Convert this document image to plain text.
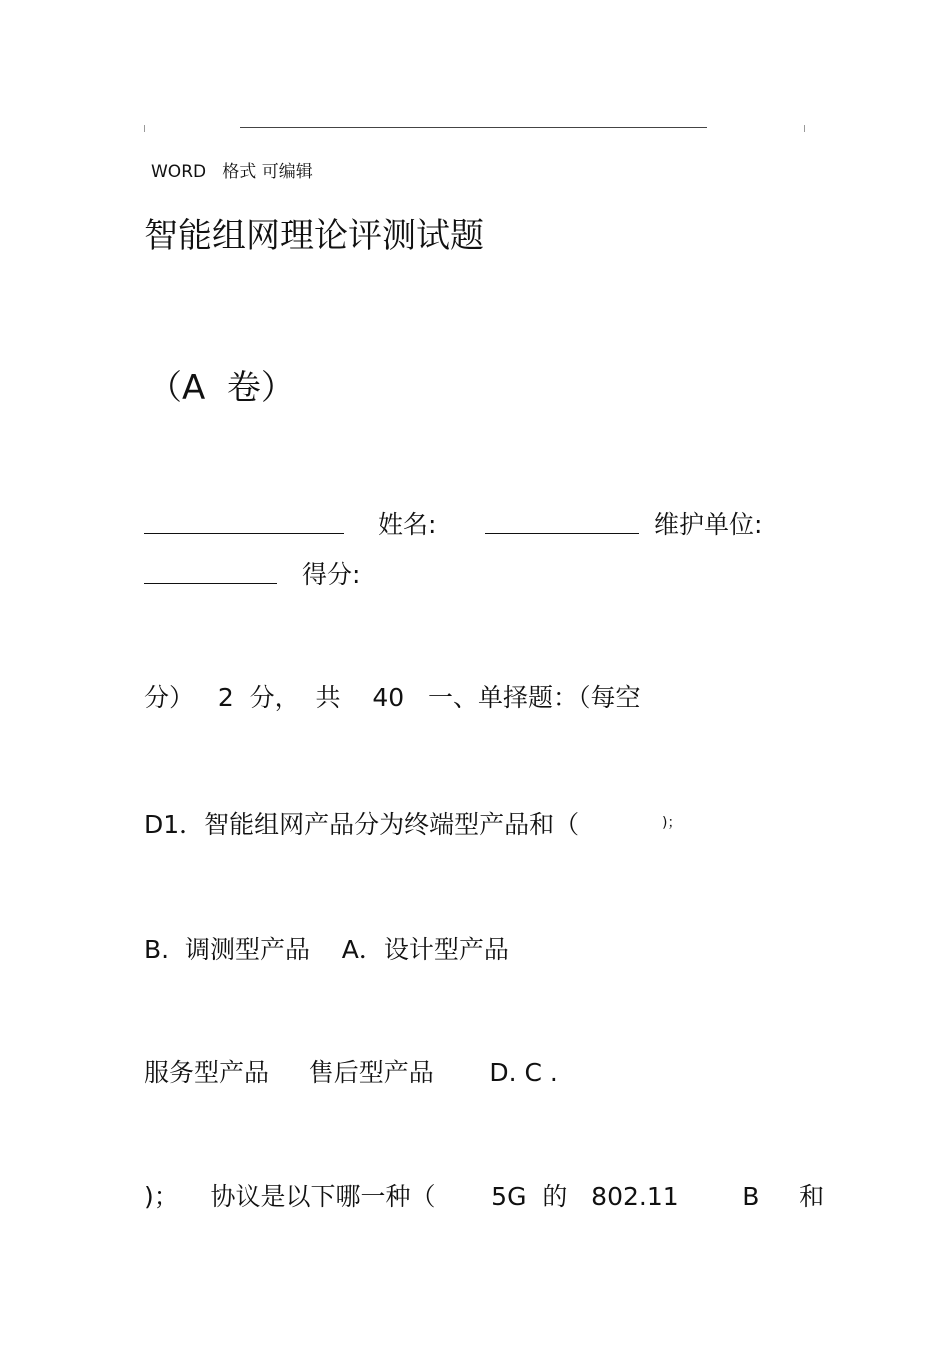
WORD   格式 可编辑
智能组网理论评测试题
（A  卷）
姓名:	维护单位:
得分:
分）   2  分，  共    40   一、单择题：（每空
D1．智能组网产品分为终端型产品和（	)；
B.  调测型产品    A．设计型产品
服务型产品     售后型产品       D. C .
)；    协议是以下哪一种（       5G  的   802.11        B     和
